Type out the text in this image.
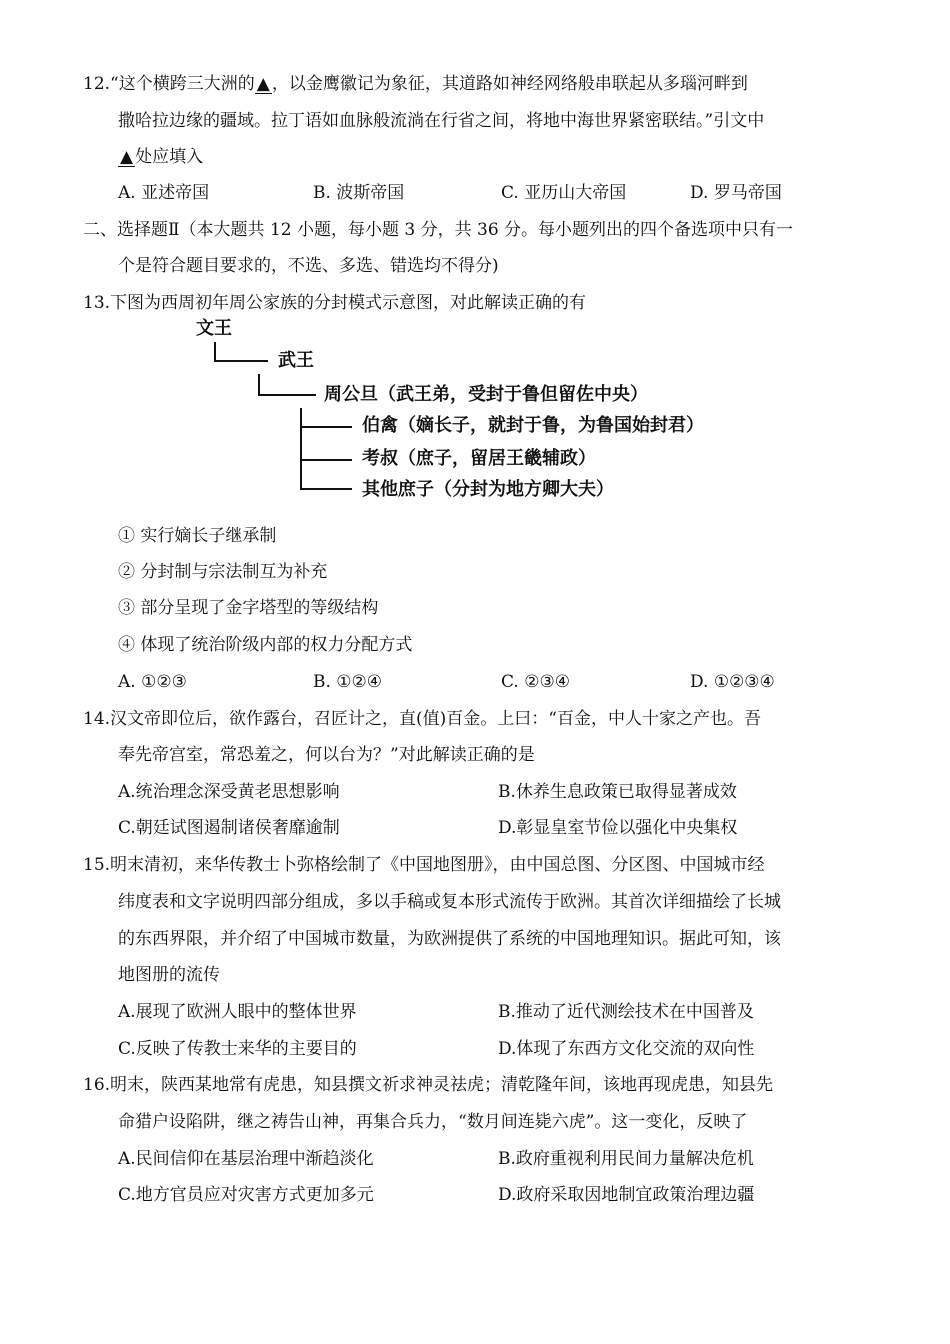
12.“这个横跨三大洲的 ▲ ，以金鹰徽记为象征，其道路如神经网络般串联起从多瑙河畔到
撒哈拉边缘的疆域。拉丁语如血脉般流淌在行省之间，将地中海世界紧密联结。”引文中
▲ 处应填入
A. 亚述帝国	B. 波斯帝国	C. 亚历山大帝国	D. 罗马帝国
二、选择题Ⅱ（本大题共 12 小题，每小题 3 分，共 36 分。每小题列出的四个备选项中只有一
个是符合题目要求的，不选、多选、错选均不得分)
13.下图为西周初年周公家族的分封模式示意图，对此解读正确的有
文王
武王
周公旦（武王弟，受封于鲁但留佐中央）
伯禽（嫡长子，就封于鲁，为鲁国始封君）
考叔（庶子，留居王畿辅政）
其他庶子（分封为地方卿大夫）
① 实行嫡长子继承制
② 分封制与宗法制互为补充
③ 部分呈现了金字塔型的等级结构
④ 体现了统治阶级内部的权力分配方式
A. ①②③	B. ①②④	C. ②③④	D. ①②③④
14.汉文帝即位后，欲作露台，召匠计之，直(值)百金。上曰：“百金，中人十家之产也。吾
奉先帝宫室，常恐羞之，何以台为？”对此解读正确的是
A.统治理念深受黄老思想影响	B.休养生息政策已取得显著成效
C.朝廷试图遏制诸侯奢靡逾制	D.彰显皇室节俭以强化中央集权
15.明末清初，来华传教士卜弥格绘制了《中国地图册》，由中国总图、分区图、中国城市经
纬度表和文字说明四部分组成，多以手稿或复本形式流传于欧洲。其首次详细描绘了长城
的东西界限，并介绍了中国城市数量，为欧洲提供了系统的中国地理知识。据此可知，该
地图册的流传
A.展现了欧洲人眼中的整体世界	B.推动了近代测绘技术在中国普及
C.反映了传教士来华的主要目的	D.体现了东西方文化交流的双向性
16.明末，陕西某地常有虎患，知县撰文祈求神灵祛虎；清乾隆年间，该地再现虎患，知县先
命猎户设陷阱，继之祷告山神，再集合兵力，“数月间连毙六虎”。这一变化，反映了
A.民间信仰在基层治理中渐趋淡化	B.政府重视利用民间力量解决危机
C.地方官员应对灾害方式更加多元	D.政府采取因地制宜政策治理边疆
